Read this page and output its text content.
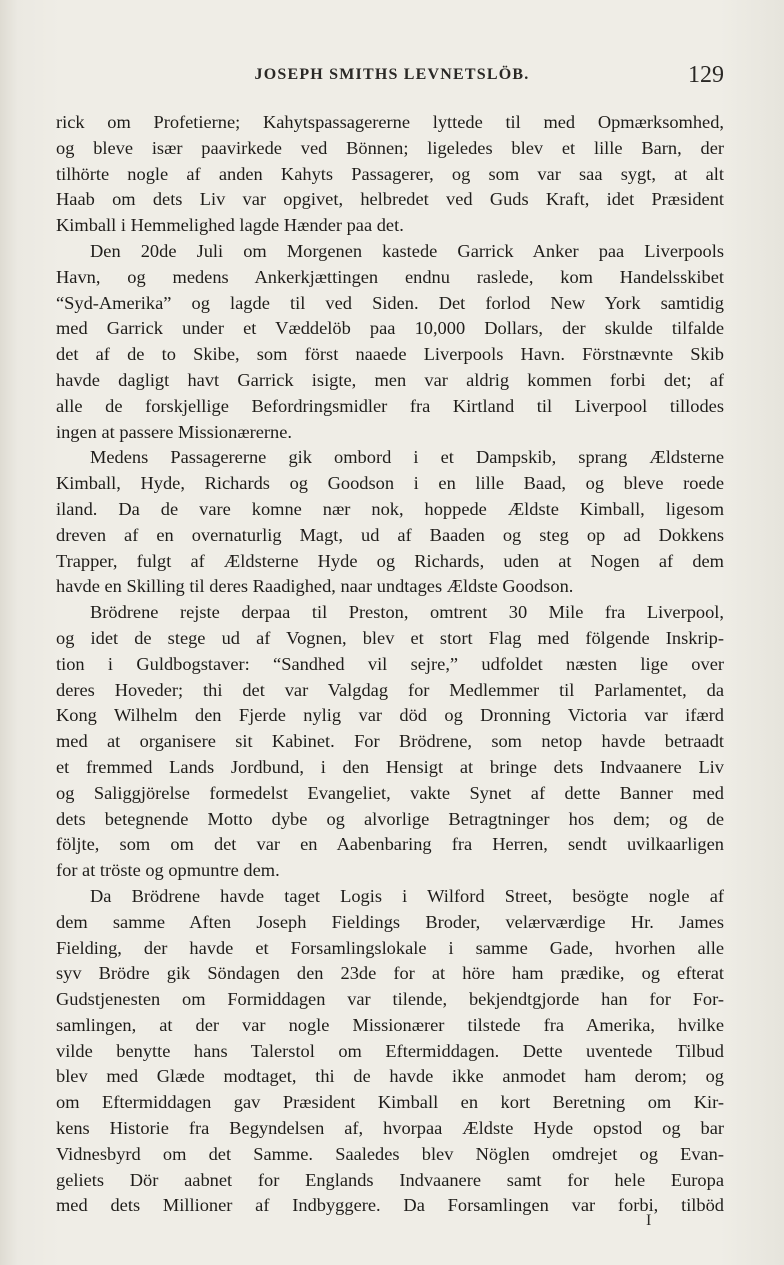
JOSEPH SMITHS LEVNETSLÖB.	129
rick om Profetierne; Kahytspassagererne lyttede til med Opmærksomhed,
og bleve især paavirkede ved Bönnen; ligeledes blev et lille Barn, der
tilhörte nogle af anden Kahyts Passagerer, og som var saa sygt, at alt
Haab om dets Liv var opgivet, helbredet ved Guds Kraft, idet Præsident
Kimball i Hemmelighed lagde Hænder paa det.
Den 20de Juli om Morgenen kastede Garrick Anker paa Liverpools
Havn, og medens Ankerkjættingen endnu raslede, kom Handelsskibet
“Syd-Amerika” og lagde til ved Siden. Det forlod New York samtidig
med Garrick under et Væddelöb paa 10,000 Dollars, der skulde tilfalde
det af de to Skibe, som först naaede Liverpools Havn. Förstnævnte Skib
havde dagligt havt Garrick isigte, men var aldrig kommen forbi det; af
alle de forskjellige Befordringsmidler fra Kirtland til Liverpool tillodes
ingen at passere Missionærerne.
Medens Passagererne gik ombord i et Dampskib, sprang Ældsterne
Kimball, Hyde, Richards og Goodson i en lille Baad, og bleve roede
iland. Da de vare komne nær nok, hoppede Ældste Kimball, ligesom
dreven af en overnaturlig Magt, ud af Baaden og steg op ad Dokkens
Trapper, fulgt af Ældsterne Hyde og Richards, uden at Nogen af dem
havde en Skilling til deres Raadighed, naar undtages Ældste Goodson.
Brödrene rejste derpaa til Preston, omtrent 30 Mile fra Liverpool,
og idet de stege ud af Vognen, blev et stort Flag med fölgende Inskrip-
tion i Guldbogstaver: “Sandhed vil sejre,” udfoldet næsten lige over
deres Hoveder; thi det var Valgdag for Medlemmer til Parlamentet, da
Kong Wilhelm den Fjerde nylig var död og Dronning Victoria var ifærd
med at organisere sit Kabinet. For Brödrene, som netop havde betraadt
et fremmed Lands Jordbund, i den Hensigt at bringe dets Indvaanere Liv
og Saliggjörelse formedelst Evangeliet, vakte Synet af dette Banner med
dets betegnende Motto dybe og alvorlige Betragtninger hos dem; og de
följte, som om det var en Aabenbaring fra Herren, sendt uvilkaarligen
for at tröste og opmuntre dem.
Da Brödrene havde taget Logis i Wilford Street, besögte nogle af
dem samme Aften Joseph Fieldings Broder, velærværdige Hr. James
Fielding, der havde et Forsamlingslokale i samme Gade, hvorhen alle
syv Brödre gik Söndagen den 23de for at höre ham prædike, og efterat
Gudstjenesten om Formiddagen var tilende, bekjendtgjorde han for For-
samlingen, at der var nogle Missionærer tilstede fra Amerika, hvilke
vilde benytte hans Talerstol om Eftermiddagen. Dette uventede Tilbud
blev med Glæde modtaget, thi de havde ikke anmodet ham derom; og
om Eftermiddagen gav Præsident Kimball en kort Beretning om Kir-
kens Historie fra Begyndelsen af, hvorpaa Ældste Hyde opstod og bar
Vidnesbyrd om det Samme. Saaledes blev Nöglen omdrejet og Evan-
geliets Dör aabnet for Englands Indvaanere samt for hele Europa
med dets Millioner af Indbyggere. Da Forsamlingen var forbi, tilböd
I
